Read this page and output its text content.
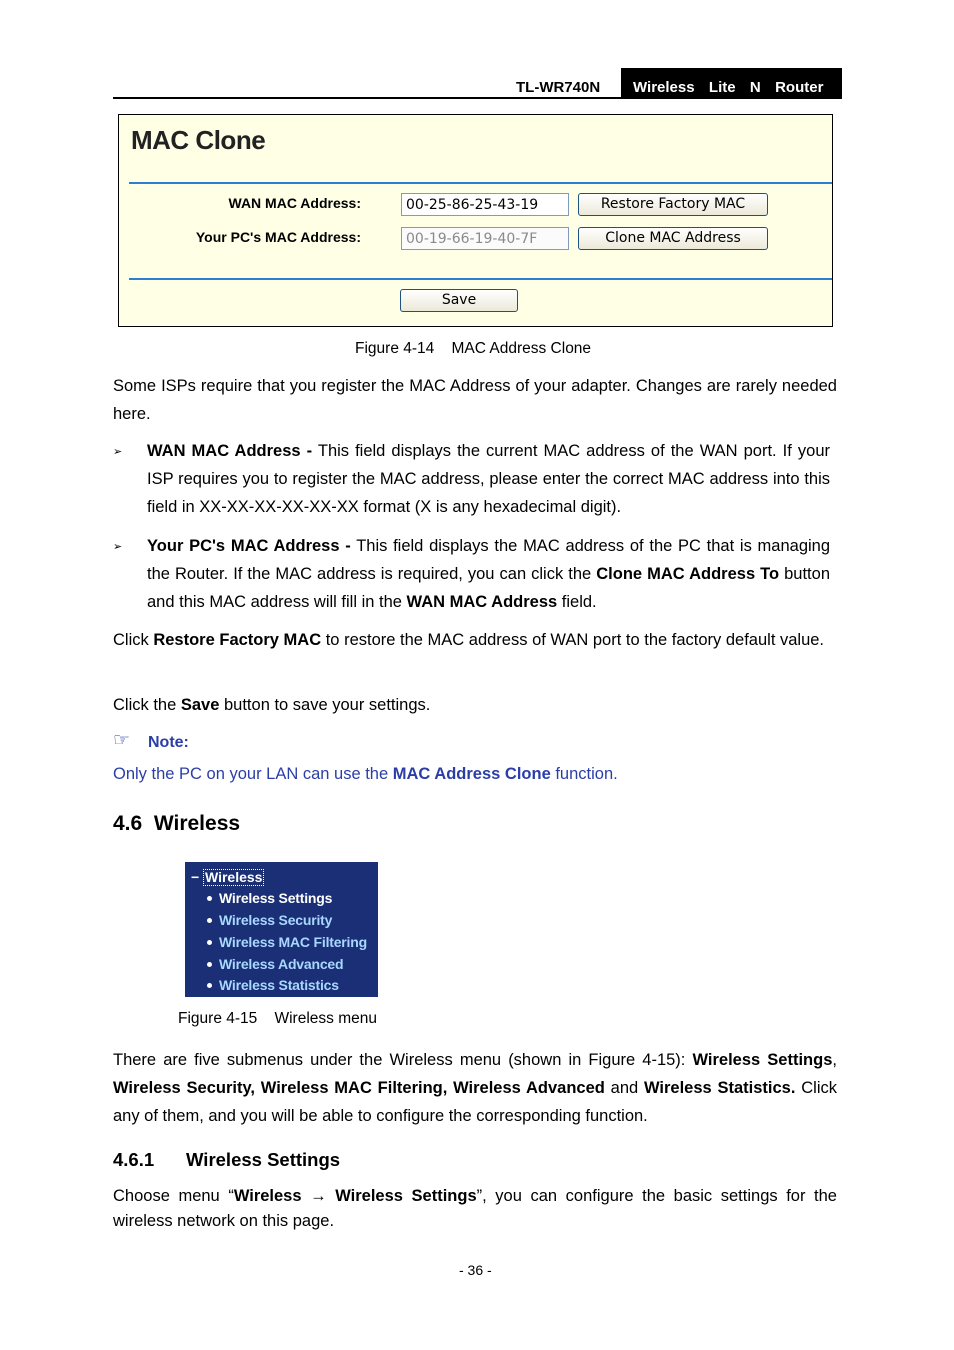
TL-WR740N Wireless  Lite  N  Router
MAC Clone
WAN MAC Address:	00-25-86-25-43-19	Restore Factory MAC
Your PC's MAC Address:	00-19-66-19-40-7F	Clone MAC Address
Save
Figure 4-14    MAC Address Clone
Some ISPs require that you register the MAC Address of your adapter. Changes are rarely needed here.
➢ WAN MAC Address - This field displays the current MAC address of the WAN port. If your ISP requires you to register the MAC address, please enter the correct MAC address into this field in XX-XX-XX-XX-XX-XX format (X is any hexadecimal digit).
➢ Your PC's MAC Address - This field displays the MAC address of the PC that is managing the Router. If the MAC address is required, you can click the Clone MAC Address To button and this MAC address will fill in the WAN MAC Address field.
Click Restore Factory MAC to restore the MAC address of WAN port to the factory default value.
Click the Save button to save your settings.
☞ Note:
Only the PC on your LAN can use the MAC Address Clone function.
4.6  Wireless
− Wireless
Wireless Settings
Wireless Security
Wireless MAC Filtering
Wireless Advanced
Wireless Statistics
Figure 4-15    Wireless menu
There are five submenus under the Wireless menu (shown in Figure 4-15): Wireless Settings, Wireless Security, Wireless MAC Filtering, Wireless Advanced and Wireless Statistics. Click any of them, and you will be able to configure the corresponding function.
4.6.1 Wireless Settings
Choose menu “Wireless → Wireless Settings”, you can configure the basic settings for the wireless network on this page.
- 36 -
